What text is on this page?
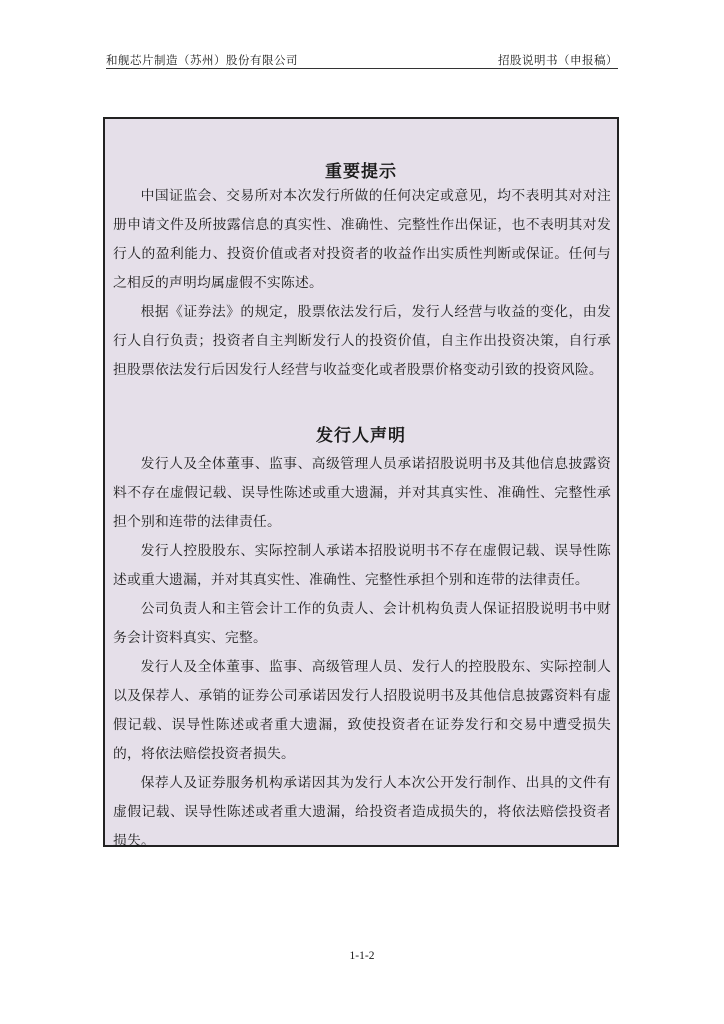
和舰芯片制造（苏州）股份有限公司	招股说明书（申报稿）
重要提示

中国证监会、交易所对本次发行所做的任何决定或意见，均不表明其对对注册申请文件及所披露信息的真实性、准确性、完整性作出保证，也不表明其对发行人的盈利能力、投资价值或者对投资者的收益作出实质性判断或保证。任何与之相反的声明均属虚假不实陈述。

根据《证券法》的规定，股票依法发行后，发行人经营与收益的变化，由发行人自行负责；投资者自主判断发行人的投资价值，自主作出投资决策，自行承担股票依法发行后因发行人经营与收益变化或者股票价格变动引致的投资风险。

发行人声明

发行人及全体董事、监事、高级管理人员承诺招股说明书及其他信息披露资料不存在虚假记载、误导性陈述或重大遗漏，并对其真实性、准确性、完整性承担个别和连带的法律责任。

发行人控股股东、实际控制人承诺本招股说明书不存在虚假记载、误导性陈述或重大遗漏，并对其真实性、准确性、完整性承担个别和连带的法律责任。

公司负责人和主管会计工作的负责人、会计机构负责人保证招股说明书中财务会计资料真实、完整。

发行人及全体董事、监事、高级管理人员、发行人的控股股东、实际控制人以及保荐人、承销的证券公司承诺因发行人招股说明书及其他信息披露资料有虚假记载、误导性陈述或者重大遗漏，致使投资者在证券发行和交易中遭受损失的，将依法赔偿投资者损失。

保荐人及证券服务机构承诺因其为发行人本次公开发行制作、出具的文件有虚假记载、误导性陈述或者重大遗漏，给投资者造成损失的，将依法赔偿投资者损失。

1-1-2
